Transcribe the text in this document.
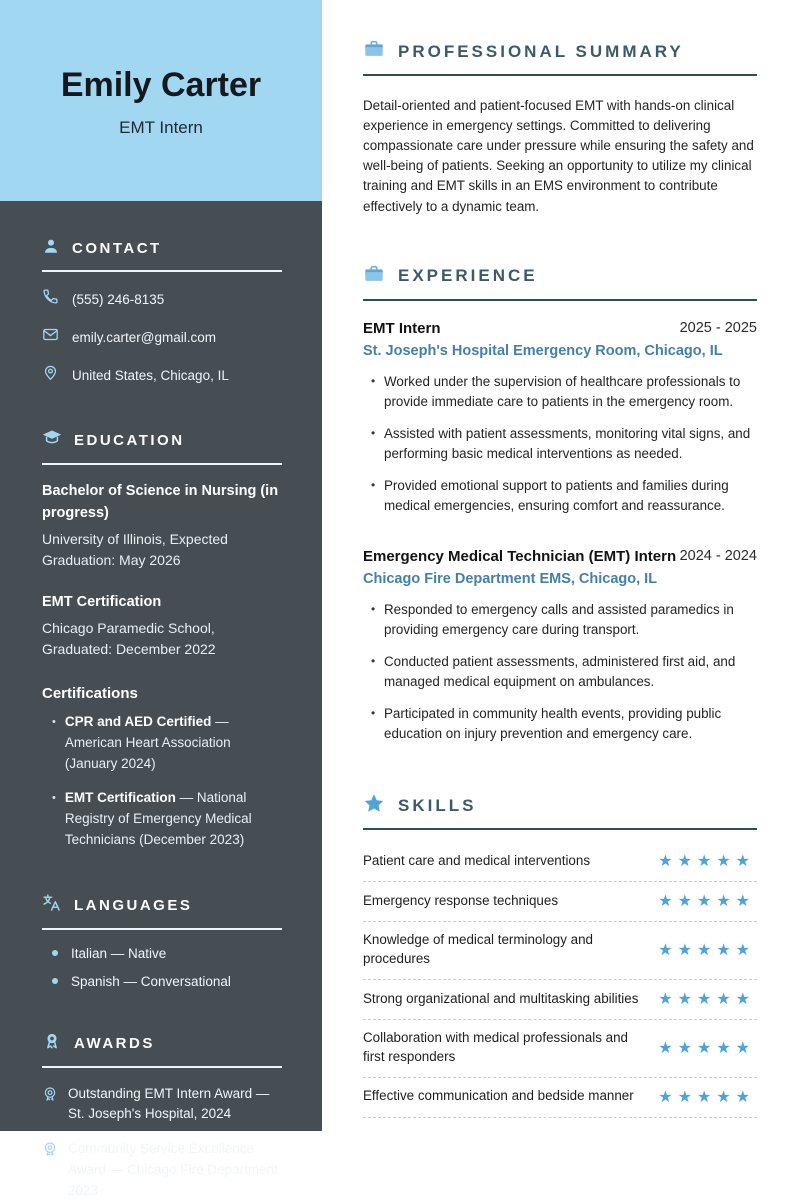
Emily Carter
EMT Intern
CONTACT
(555) 246-8135
emily.carter@gmail.com
United States, Chicago, IL
EDUCATION
Bachelor of Science in Nursing (in progress)
University of Illinois, Expected Graduation: May 2026
EMT Certification
Chicago Paramedic School, Graduated: December 2022
Certifications
• CPR and AED Certified — American Heart Association (January 2024)
• EMT Certification — National Registry of Emergency Medical Technicians (December 2023)
LANGUAGES
Italian — Native
Spanish — Conversational
AWARDS
Outstanding EMT Intern Award — St. Joseph's Hospital, 2024
Community Service Excellence Award — Chicago Fire Department, 2023
PROFESSIONAL SUMMARY

Detail-oriented and patient-focused EMT with hands-on clinical experience in emergency settings. Committed to delivering compassionate care under pressure while ensuring the safety and well-being of patients. Seeking an opportunity to utilize my clinical training and EMT skills in an EMS environment to contribute effectively to a dynamic team.

EXPERIENCE
EMT Intern	2025 - 2025
St. Joseph's Hospital Emergency Room, Chicago, IL
• Worked under the supervision of healthcare professionals to provide immediate care to patients in the emergency room.
• Assisted with patient assessments, monitoring vital signs, and performing basic medical interventions as needed.
• Provided emotional support to patients and families during medical emergencies, ensuring comfort and reassurance.
Emergency Medical Technician (EMT) Intern 2024 - 2024
Chicago Fire Department EMS, Chicago, IL
• Responded to emergency calls and assisted paramedics in providing emergency care during transport.
• Conducted patient assessments, administered first aid, and managed medical equipment on ambulances.
• Participated in community health events, providing public education on injury prevention and emergency care.
SKILLS
Patient care and medical interventions	★★★★★
Emergency response techniques	★★★★★
Knowledge of medical terminology and procedures	★★★★★
Strong organizational and multitasking abilities ★★★★★
Collaboration with medical professionals and first responders	★★★★★
Effective communication and bedside manner ★★★★★
